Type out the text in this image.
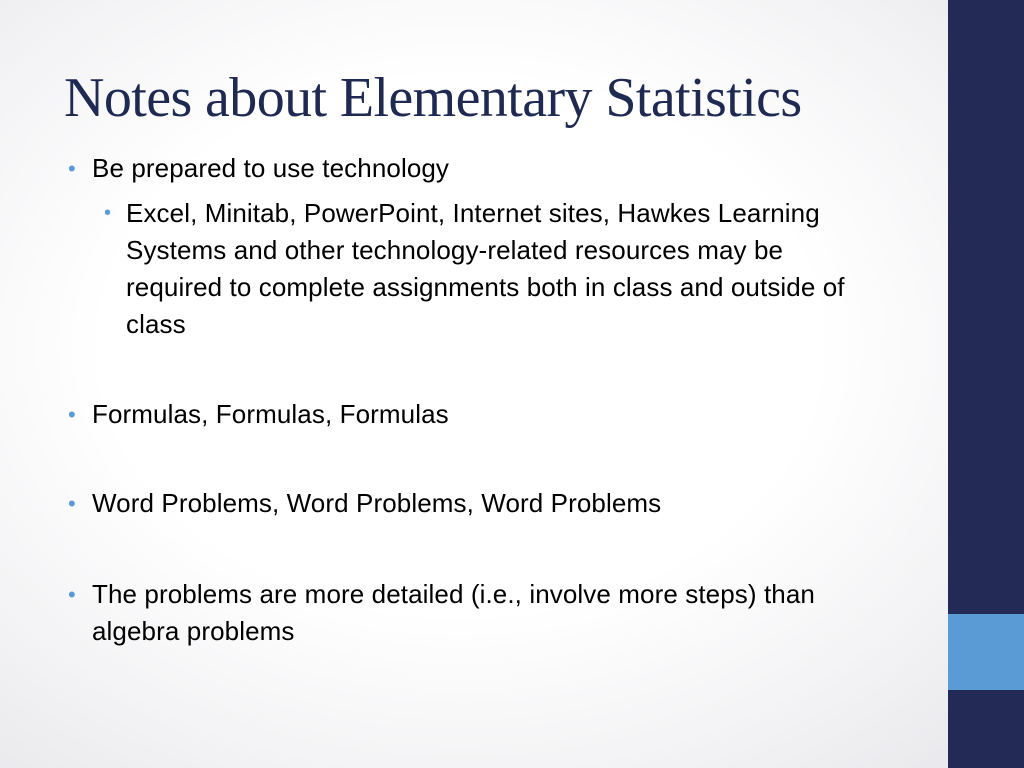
Notes about Elementary Statistics
• Be prepared to use technology
• Excel, Minitab, PowerPoint, Internet sites, Hawkes Learning Systems and other technology-related resources may be required to complete assignments both in class and outside of class
• Formulas, Formulas, Formulas
• Word Problems, Word Problems, Word Problems
• The problems are more detailed (i.e., involve more steps) than algebra problems
